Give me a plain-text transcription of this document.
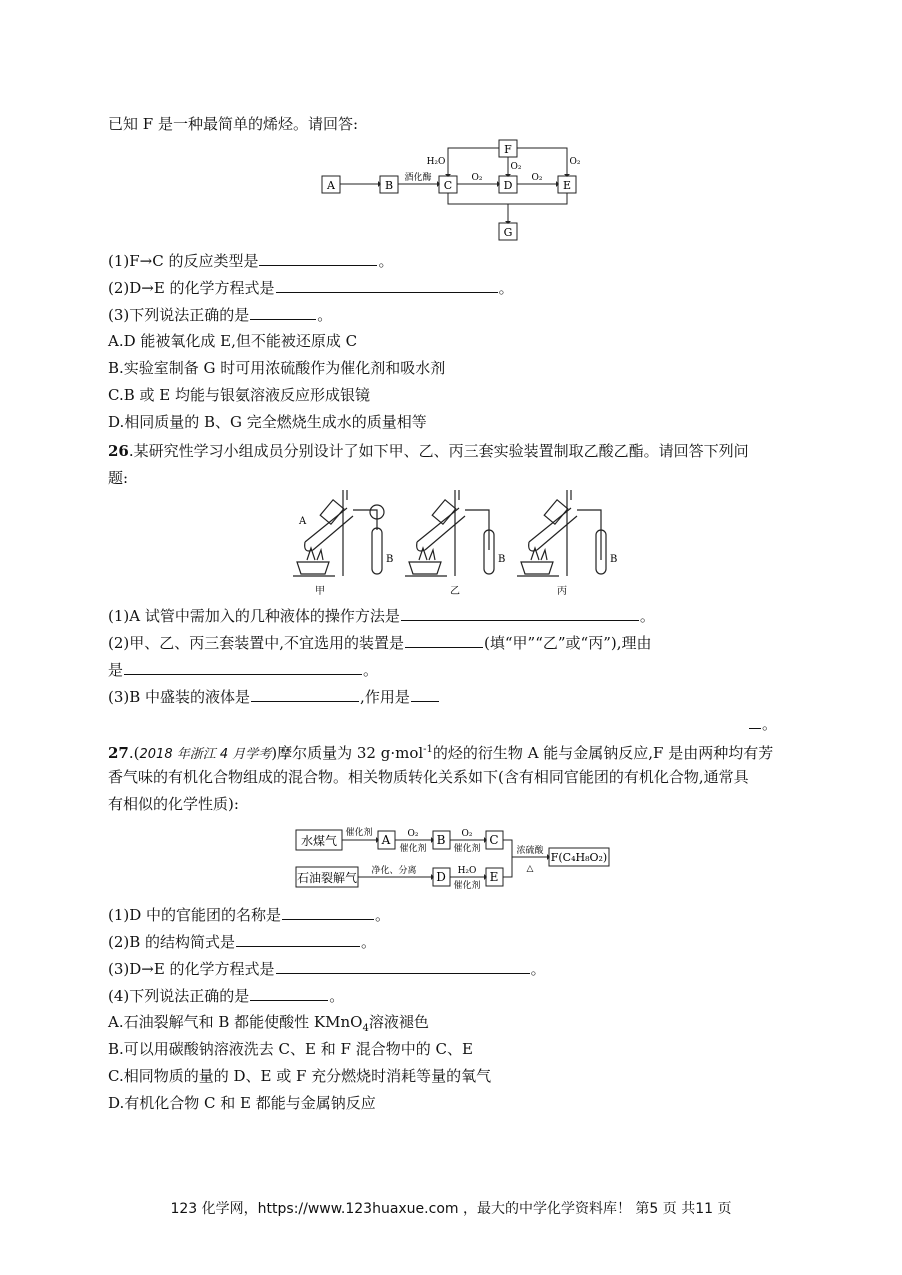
已知 F 是一种最简单的烯烃。请回答:
A	B	C	D	E
F
G
酒化酶
H₂O
O₂	O₂
O₂	O₂
(1)F→C 的反应类型是	。
(2)D→E 的化学方程式是	。
(3)下列说法正确的是	。
A.D 能被氧化成 E,但不能被还原成 C
B.实验室制备 G 时可用浓硫酸作为催化剂和吸水剂
C.B 或 E 均能与银氨溶液反应形成银镜
D.相同质量的 B、G 完全燃烧生成水的质量相等
26.某研究性学习小组成员分别设计了如下甲、乙、丙三套实验装置制取乙酸乙酯。请回答下列问
题:
A
B	B	B
甲	乙	丙
(1)A 试管中需加入的几种液体的操作方法是	。
(2)甲、乙、丙三套装置中,不宜选用的装置是	(填“甲”“乙”或“丙”),理由
是	。
(3)B 中盛装的液体是	,作用是
。
27.(2018 年浙江 4 月学考)摩尔质量为 32 g·mol$^{-1}$的烃的衍生物 A 能与金属钠反应,F 是由两种均有芳
香气味的有机化合物组成的混合物。相关物质转化关系如下(含有相同官能团的有机化合物,通常具
有相似的化学性质):
水煤气
石油裂解气
A	B	C
D	E
F(C₄H₈O₂)
催化剂	O₂
催化剂
O₂
催化剂
净化、分离	H₂O
催化剂
浓硫酸
△
(1)D 中的官能团的名称是	。
(2)B 的结构简式是	。
(3)D→E 的化学方程式是	。
(4)下列说法正确的是	。
A.石油裂解气和 B 都能使酸性 KMnO$_4$溶液褪色
B.可以用碳酸钠溶液洗去 C、E 和 F 混合物中的 C、E
C.相同物质的量的 D、E 或 F 充分燃烧时消耗等量的氧气
D.有机化合物 C 和 E 都能与金属钠反应
123 化学网，https://www.123huaxue.com ，最大的中学化学资料库！ 第5 页 共11 页
